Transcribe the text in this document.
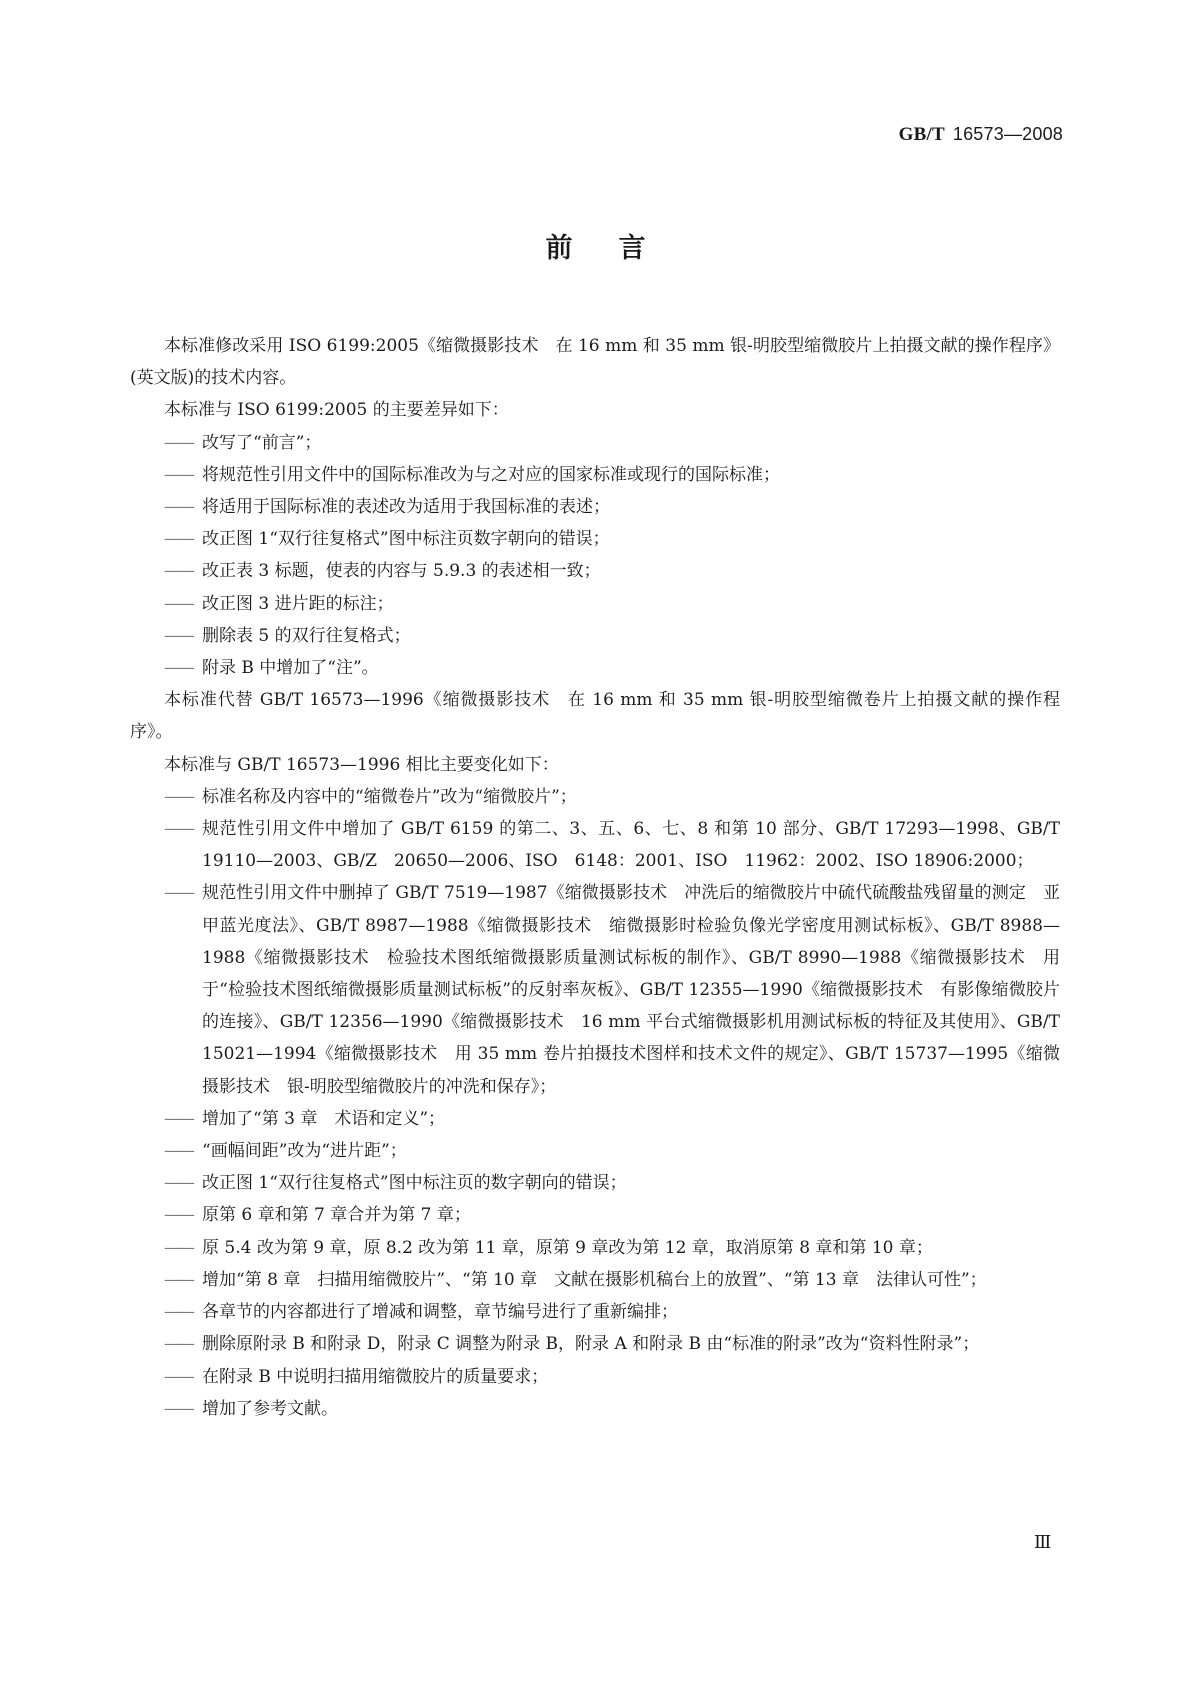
GB/T 16573—2008
前言

本标准修改采用 ISO 6199:2005《缩微摄影技术　在 16 mm 和 35 mm 银-明胶型缩微胶片上拍摄文献的操作程序》(英文版)的技术内容。

本标准与 ISO 6199:2005 的主要差异如下：

—— 改写了“前言”；

—— 将规范性引用文件中的国际标准改为与之对应的国家标准或现行的国际标准；

—— 将适用于国际标准的表述改为适用于我国标准的表述；

—— 改正图 1“双行往复格式”图中标注页数字朝向的错误；

—— 改正表 3 标题，使表的内容与 5.9.3 的表述相一致；

—— 改正图 3 进片距的标注；

—— 删除表 5 的双行往复格式；

—— 附录 B 中增加了“注”。

本标准代替 GB/T 16573—1996《缩微摄影技术　在 16 mm 和 35 mm 银-明胶型缩微卷片上拍摄文献的操作程序》。

本标准与 GB/T 16573—1996 相比主要变化如下：

—— 标准名称及内容中的“缩微卷片”改为“缩微胶片”；

—— 规范性引用文件中增加了 GB/T 6159 的第二、3、五、6、七、8 和第 10 部分、GB/T 17293—1998、GB/T　19110—2003、GB/Z　20650—2006、ISO　6148：2001、ISO　11962：2002、ISO 18906:2000；

—— 规范性引用文件中删掉了 GB/T 7519—1987《缩微摄影技术　冲洗后的缩微胶片中硫代硫酸盐残留量的测定　亚甲蓝光度法》、GB/T 8987—1988《缩微摄影技术　缩微摄影时检验负像光学密度用测试标板》、GB/T 8988—1988《缩微摄影技术　检验技术图纸缩微摄影质量测试标板的制作》、GB/T 8990—1988《缩微摄影技术　用于“检验技术图纸缩微摄影质量测试标板”的反射率灰板》、GB/T 12355—1990《缩微摄影技术　有影像缩微胶片的连接》、GB/T 12356—1990《缩微摄影技术　16 mm 平台式缩微摄影机用测试标板的特征及其使用》、GB/T 15021—1994《缩微摄影技术　用 35 mm 卷片拍摄技术图样和技术文件的规定》、GB/T 15737—1995《缩微摄影技术　银-明胶型缩微胶片的冲洗和保存》；

—— 增加了“第 3 章　术语和定义”；

—— “画幅间距”改为“进片距”；

—— 改正图 1“双行往复格式”图中标注页的数字朝向的错误；

—— 原第 6 章和第 7 章合并为第 7 章；

—— 原 5.4 改为第 9 章，原 8.2 改为第 11 章，原第 9 章改为第 12 章，取消原第 8 章和第 10 章；

—— 增加“第 8 章　扫描用缩微胶片”、“第 10 章　文献在摄影机稿台上的放置”、“第 13 章　法律认可性”；

—— 各章节的内容都进行了增减和调整，章节编号进行了重新编排；

—— 删除原附录 B 和附录 D，附录 C 调整为附录 B，附录 A 和附录 B 由“标准的附录”改为“资料性附录”；

—— 在附录 B 中说明扫描用缩微胶片的质量要求；

—— 增加了参考文献。

Ⅲ
